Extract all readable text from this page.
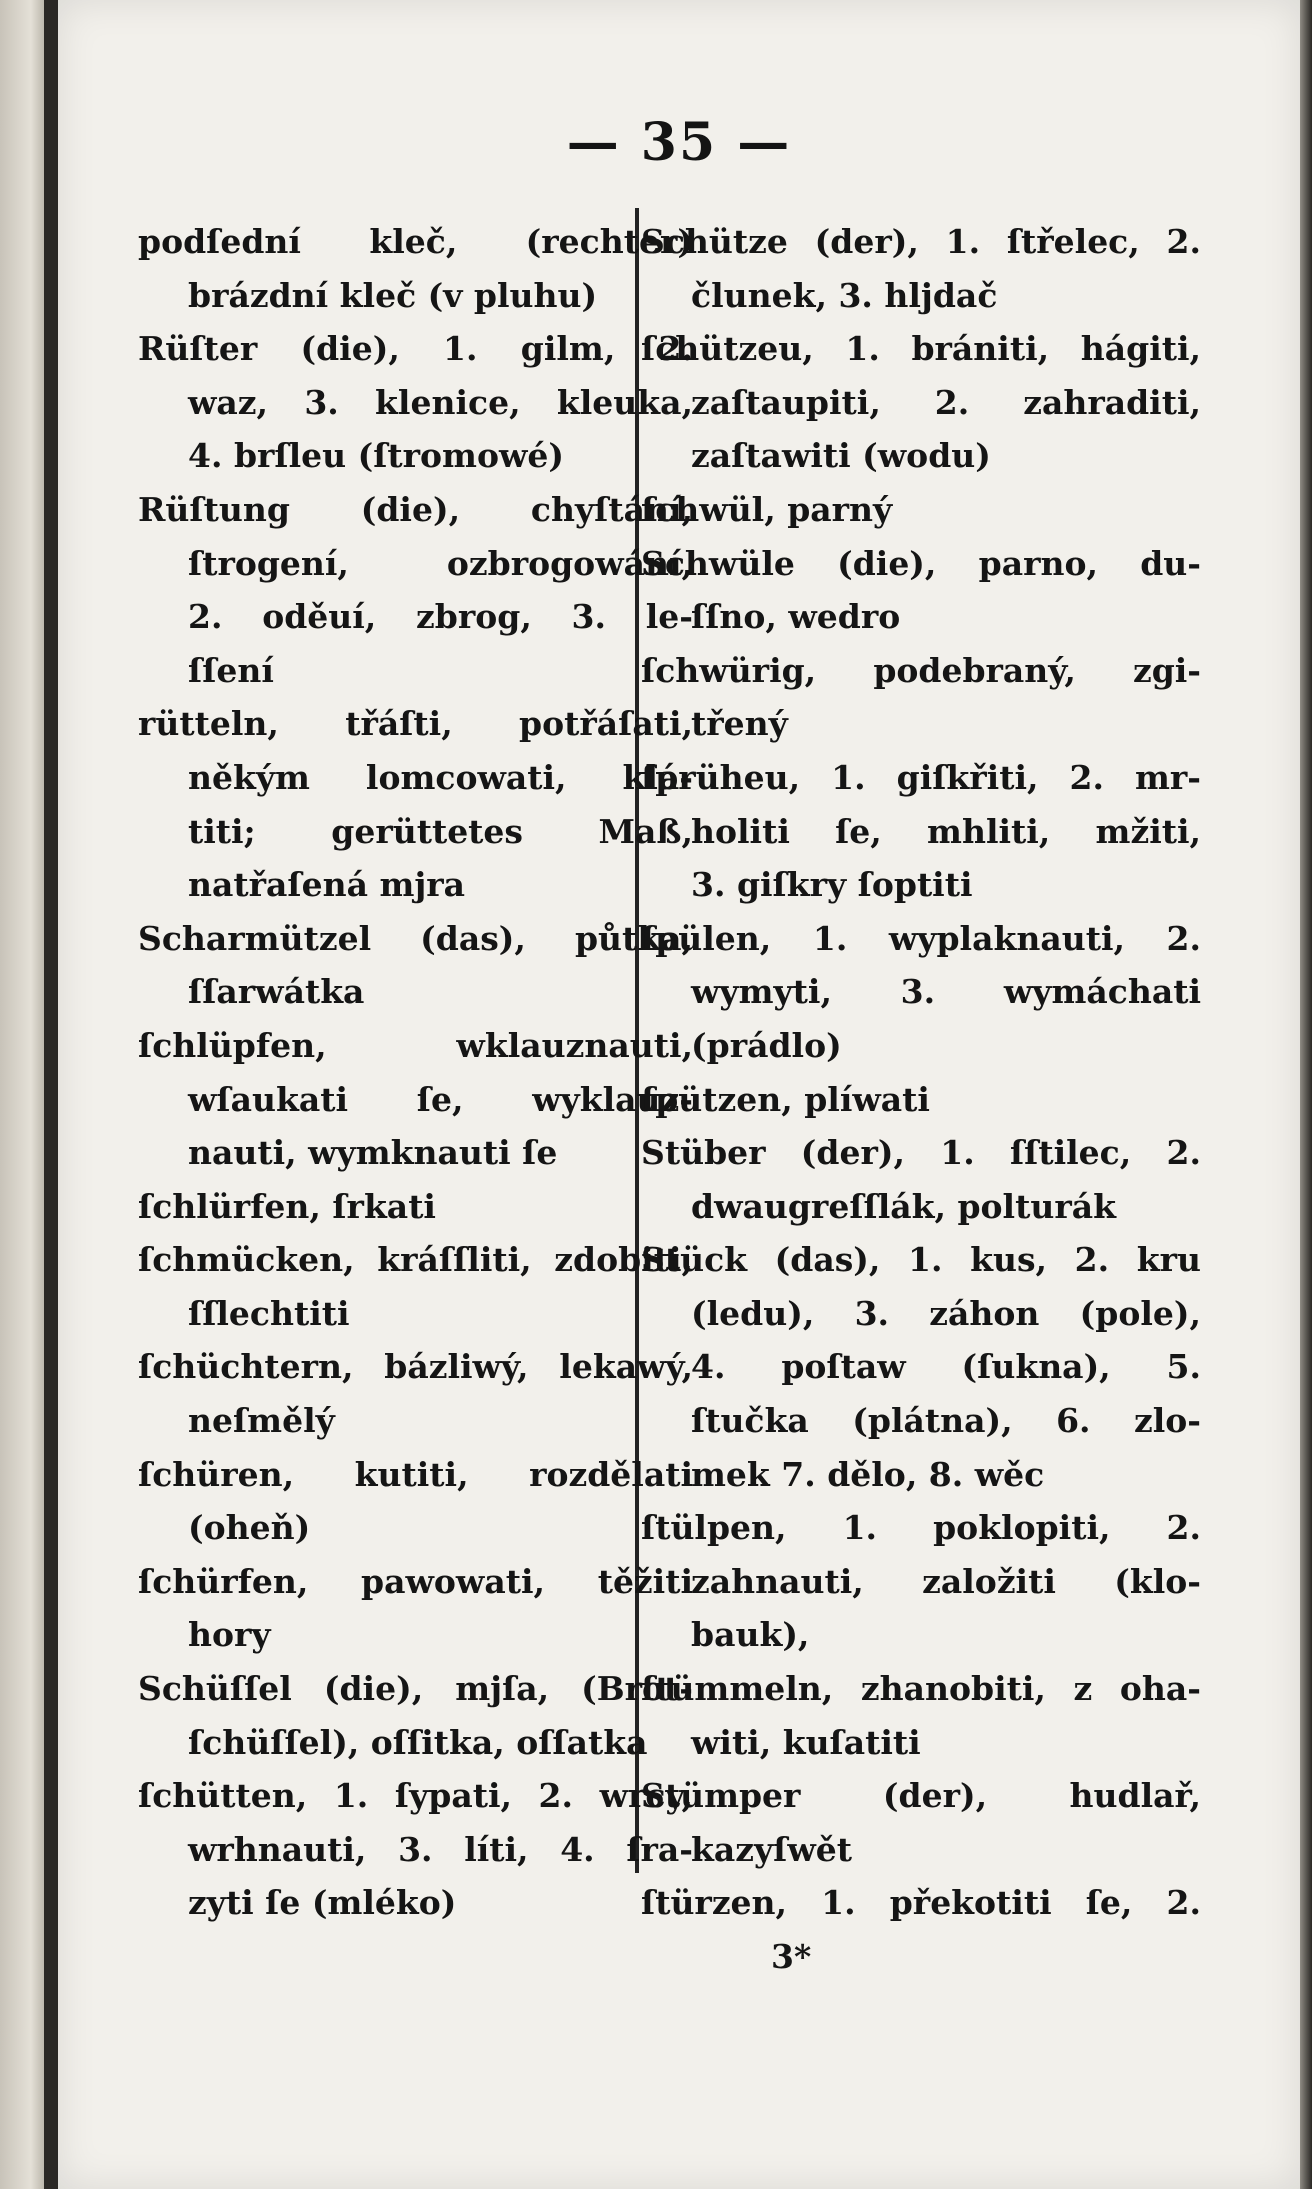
— 35 —
podſední kleč, (rechter)
brázdní kleč (v pluhu)
Rüſter (die), 1. gilm, 2.
waz, 3. klenice, kleuka,
4. brſleu (ſtromowé)
Rüſtung (die), chyſtání,
ſtrogení, ozbrogowání,
2. oděuí, zbrog, 3. le-
ſſení
rütteln, třáſti, potřáſati,
někým lomcowati, klá-
titi; gerüttetes Maß,
natřaſená mjra
Scharmützel (das), půtka,
ſſarwátka
ſchlüpfen, wklauznauti,
wſaukati ſe, wyklauz-
nauti, wymknauti ſe
ſchlürfen, ſrkati
ſchmücken, kráſſliti, zdobiti,
ſſlechtiti
ſchüchtern, bázliwý, lekawý,
neſmělý
ſchüren, kutiti, rozdělati
(oheň)
ſchürfen, pawowati, těžiti
hory
Schüſſel (die), mjſa, (Brot-
ſchüſſel), oſſitka, oſſatka
ſchütten, 1. ſypati, 2. wrcy,
wrhnauti, 3. líti, 4. ſra-
zyti ſe (mléko)
Schütze (der), 1. ſtřelec, 2.
člunek, 3. hljdač
ſchützeu, 1. brániti, hágiti,
zaſtaupiti, 2. zahraditi,
zaſtawiti (wodu)
ſchwül, parný
Schwüle (die), parno, du-
ſſno, wedro
ſchwürig, podebraný, zgi-
třený
ſprüheu, 1. giſkřiti, 2. mr-
holiti ſe, mhliti, mžiti,
3. giſkry ſoptiti
ſpülen, 1. wyplaknauti, 2.
wymyti, 3. wymáchati
(prádlo)
ſpützen, plíwati
Stüber (der), 1. ſſtilec, 2.
dwaugreſſlák, polturák
Stück (das), 1. kus, 2. kru
(ledu), 3. záhon (pole),
4. poſtaw (ſukna), 5.
ſtučka (plátna), 6. zlo-
mek 7. dělo, 8. wěc
ſtülpen, 1. poklopiti, 2.
zahnauti, založiti (klo-
bauk),
ſtümmeln, zhanobiti, z oha-
witi, kuſatiti
Stümper (der), hudlař,
kazyſwět
ſtürzen, 1. překotiti ſe, 2.
3*
